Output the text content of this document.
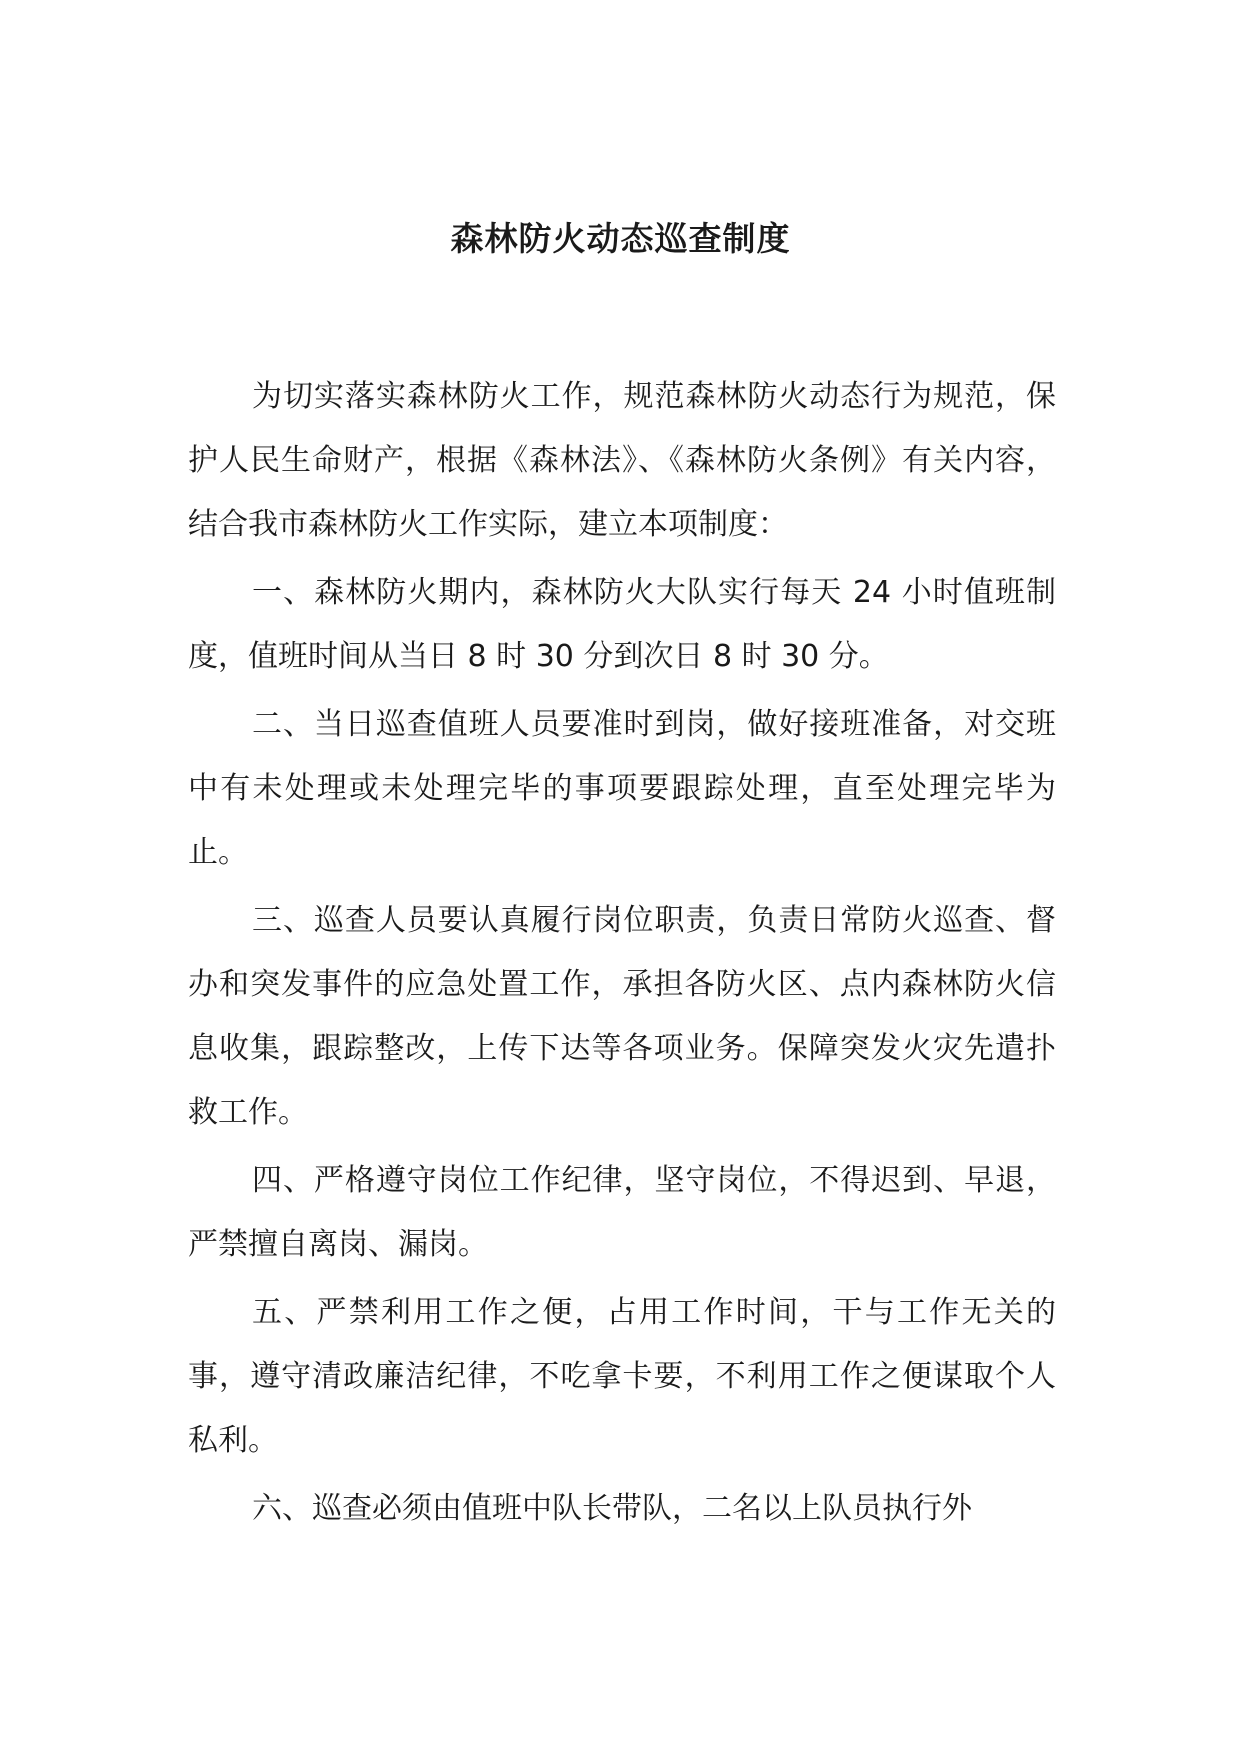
森林防火动态巡查制度

为切实落实森林防火工作，规范森林防火动态行为规范，保护人民生命财产，根据《森林法》、《森林防火条例》有关内容，结合我市森林防火工作实际，建立本项制度：

一、森林防火期内，森林防火大队实行每天 24 小时值班制度，值班时间从当日 8 时 30 分到次日 8 时 30 分。

二、当日巡查值班人员要准时到岗，做好接班准备，对交班中有未处理或未处理完毕的事项要跟踪处理，直至处理完毕为止。

三、巡查人员要认真履行岗位职责，负责日常防火巡查、督办和突发事件的应急处置工作，承担各防火区、点内森林防火信息收集，跟踪整改，上传下达等各项业务。保障突发火灾先遣扑救工作。

四、严格遵守岗位工作纪律，坚守岗位，不得迟到、早退，严禁擅自离岗、漏岗。

五、严禁利用工作之便，占用工作时间，干与工作无关的事，遵守清政廉洁纪律，不吃拿卡要，不利用工作之便谋取个人私利。

六、巡查必须由值班中队长带队，二名以上队员执行外
